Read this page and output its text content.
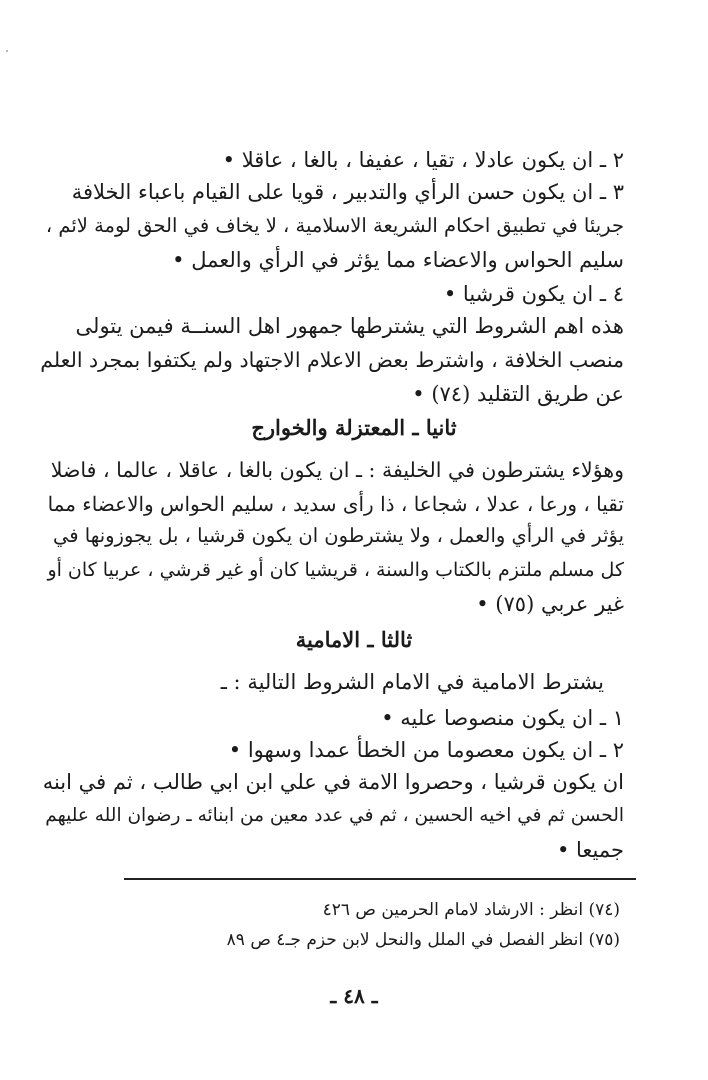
٢ ـ ان يكون عادلا ، تقيا ، عفيفا ، بالغا ، عاقلا •
٣ ـ ان يكون حسن الرأي والتدبير ، قويا على القيام باعباء الخلافة
جريئا في تطبيق احكام الشريعة الاسلامية ، لا يخاف في الحق لومة لائم ،
سليم الحواس والاعضاء مما يؤثر في الرأي والعمل •
٤ ـ ان يكون قرشيا •
هذه اهم الشروط التي يشترطها جمهور اهل السنــة فيمن يتولى
منصب الخلافة ، واشترط بعض الاعلام الاجتهاد ولم يكتفوا بمجرد العلم
عن طريق التقليد (٧٤) •
ثانيا ـ المعتزلة والخوارج
وهؤلاء يشترطون في الخليفة : ـ ان يكون بالغا ، عاقلا ، عالما ، فاضلا
تقيا ، ورعا ، عدلا ، شجاعا ، ذا رأى سديد ، سليم الحواس والاعضاء مما
يؤثر في الرأي والعمل ، ولا يشترطون ان يكون قرشيا ، بل يجوزونها في
كل مسلم ملتزم بالكتاب والسنة ، قريشيا كان أو غير قرشي ، عربيا كان أو
غير عربي (٧٥) •
ثالثا ـ الامامية
يشترط الامامية في الامام الشروط التالية : ـ
١ ـ ان يكون منصوصا عليه •
٢ ـ ان يكون معصوما من الخطأ عمدا وسهوا •
ان يكون قرشيا ، وحصروا الامة في علي ابن ابي طالب ، ثم في ابنه
الحسن ثم في اخيه الحسين ، ثم في عدد معين من ابنائه ـ رضوان الله عليهم
جميعا •
(٧٤) انظر : الارشاد لامام الحرمين ص ٤٢٦
(٧٥) انظر الفصل في الملل والنحل لابن حزم جـ٤ ص ٨٩
ـ ٤٨ ـ
